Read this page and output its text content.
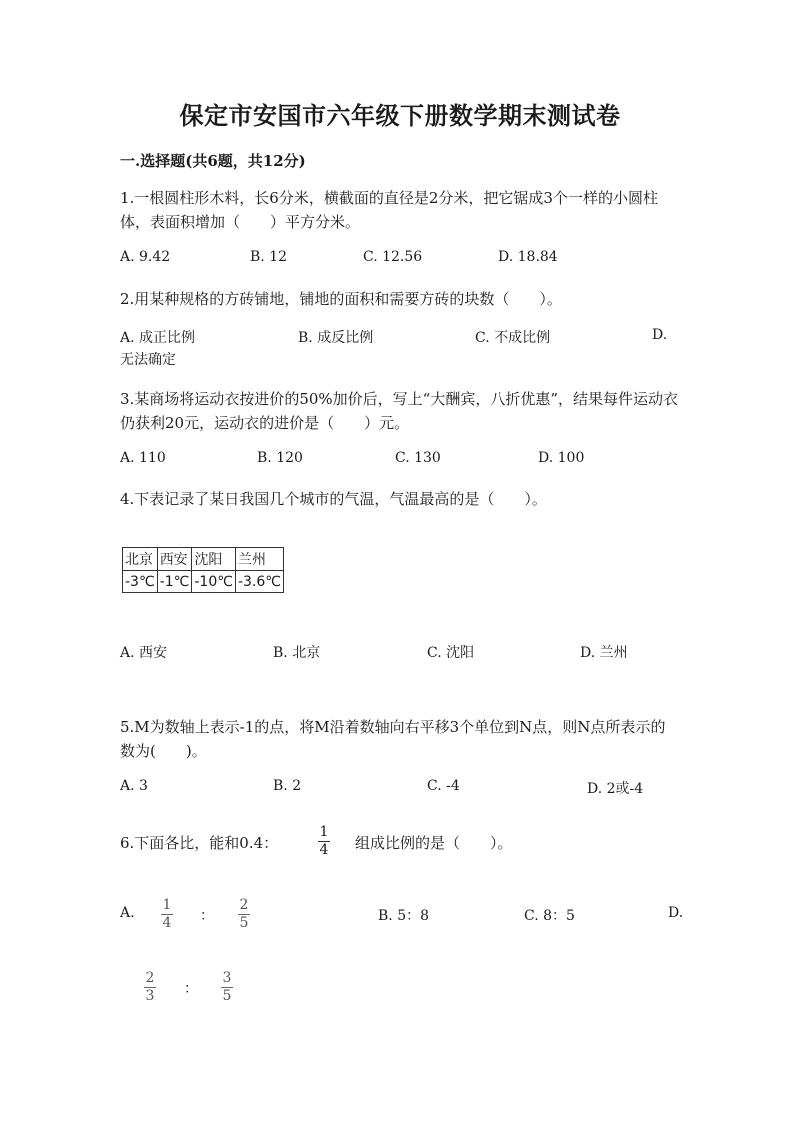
保定市安国市六年级下册数学期末测试卷
一.选择题(共6题，共12分)
1.一根圆柱形木料，长6分米，横截面的直径是2分米，把它锯成3个一样的小圆柱体，表面积增加（　　）平方分米。
A. 9.42	B. 12	C. 12.56	D. 18.84
2.用某种规格的方砖铺地，铺地的面积和需要方砖的块数（　　）。
A. 成正比例	B. 成反比例	C. 不成比例	D.
无法确定
3.某商场将运动衣按进价的50%加价后，写上“大酬宾，八折优惠”，结果每件运动衣仍获利20元，运动衣的进价是（　　）元。
A. 110	B. 120	C. 130	D. 100
4.下表记录了某日我国几个城市的气温，气温最高的是（　　）。
北京	西安	沈阳	兰州
-3℃	-1℃	-10℃	-3.6℃
A. 西安	B. 北京	C. 沈阳	D. 兰州
5.M为数轴上表示-1的点，将M沿着数轴向右平移3个单位到N点，则N点所表示的数为(　　)。
A. 3	B. 2	C. -4	D. 2或-4
6.下面各比，能和0.4：
1
4 组成比例的是（　　）。
A. 1
4 ：
2
5	B. 5：8	C. 8：5	D.
2
3 ：
3
5
